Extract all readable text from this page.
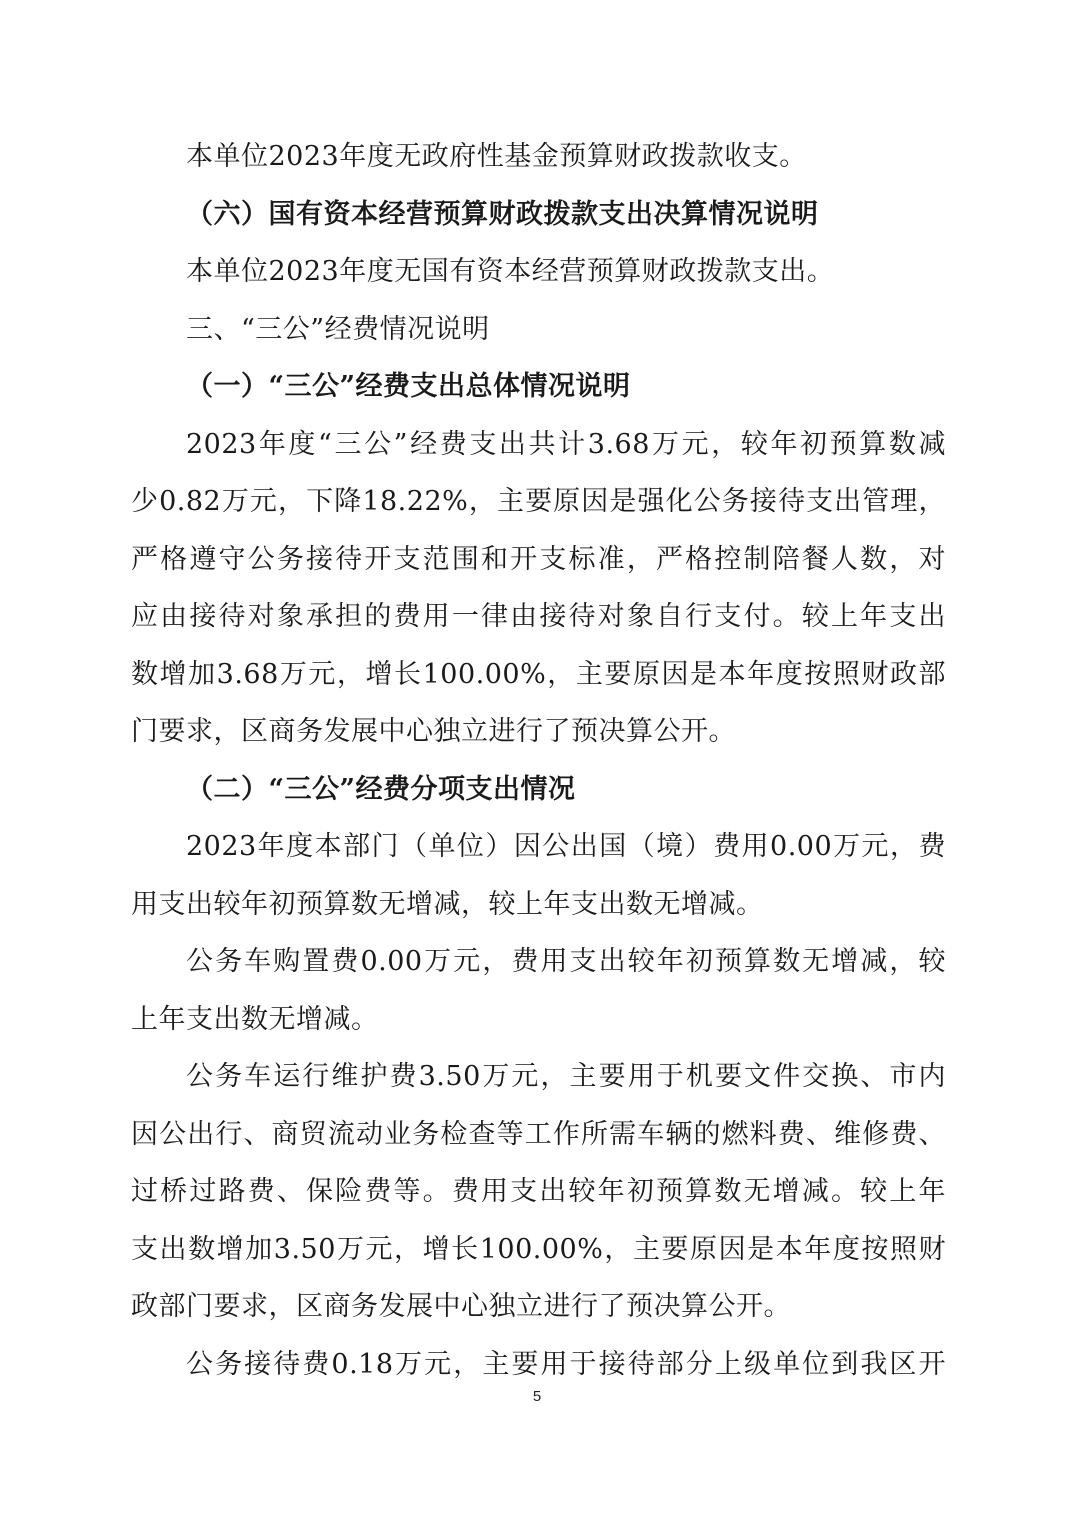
本单位2023年度无政府性基金预算财政拨款收支。
（六）国有资本经营预算财政拨款支出决算情况说明
本单位2023年度无国有资本经营预算财政拨款支出。
三、“三公”经费情况说明
（一）“三公”经费支出总体情况说明
2023年度“三公”经费支出共计3.68万元，较年初预算数减
少0.82万元，下降18.22%，主要原因是强化公务接待支出管理，
严格遵守公务接待开支范围和开支标准，严格控制陪餐人数，对
应由接待对象承担的费用一律由接待对象自行支付。较上年支出
数增加3.68万元，增长100.00%，主要原因是本年度按照财政部
门要求，区商务发展中心独立进行了预决算公开。
（二）“三公”经费分项支出情况
2023年度本部门（单位）因公出国（境）费用0.00万元，费
用支出较年初预算数无增减，较上年支出数无增减。
公务车购置费0.00万元，费用支出较年初预算数无增减，较
上年支出数无增减。
公务车运行维护费3.50万元，主要用于机要文件交换、市内
因公出行、商贸流动业务检查等工作所需车辆的燃料费、维修费、
过桥过路费、保险费等。费用支出较年初预算数无增减。较上年
支出数增加3.50万元，增长100.00%，主要原因是本年度按照财
政部门要求，区商务发展中心独立进行了预决算公开。
公务接待费0.18万元，主要用于接待部分上级单位到我区开
5
